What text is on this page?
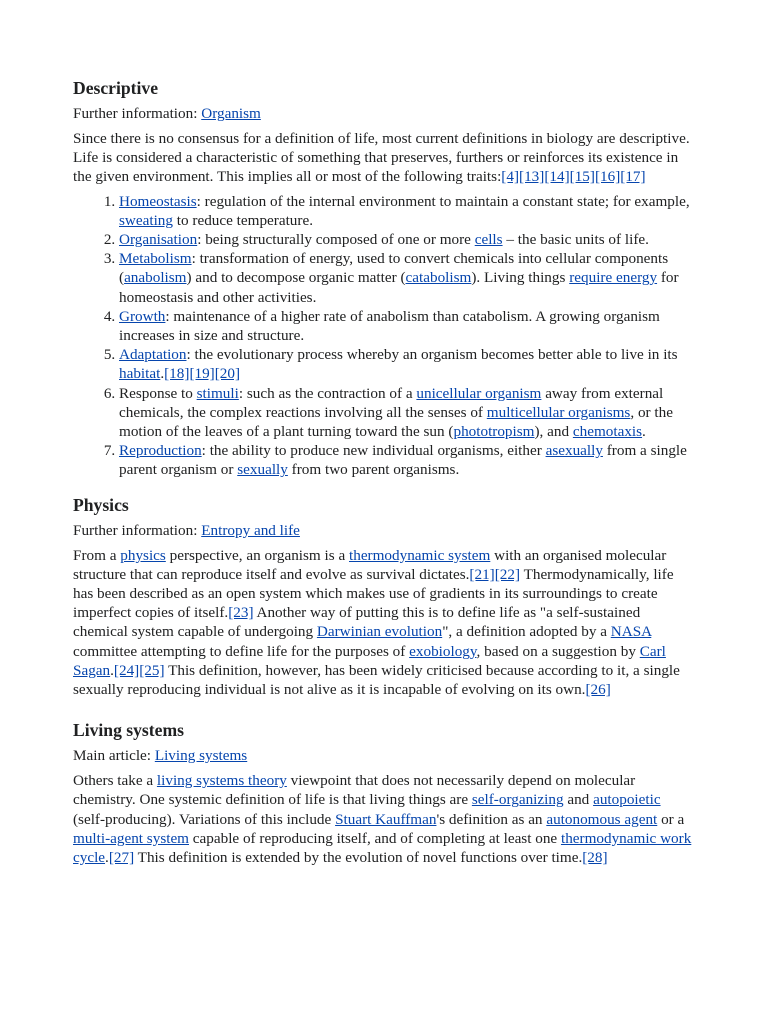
Descriptive

Further information: Organism

Since there is no consensus for a definition of life, most current definitions in biology are descriptive. Life is considered a characteristic of something that preserves, furthers or reinforces its existence in the given environment. This implies all or most of the following traits:[4][13][14][15][16][17]

1. Homeostasis: regulation of the internal environment to maintain a constant state; for example, sweating to reduce temperature.
2. Organisation: being structurally composed of one or more cells – the basic units of life.
3. Metabolism: transformation of energy, used to convert chemicals into cellular components (anabolism) and to decompose organic matter (catabolism). Living things require energy for homeostasis and other activities.
4. Growth: maintenance of a higher rate of anabolism than catabolism. A growing organism increases in size and structure.
5. Adaptation: the evolutionary process whereby an organism becomes better able to live in its habitat.[18][19][20]
6. Response to stimuli: such as the contraction of a unicellular organism away from external chemicals, the complex reactions involving all the senses of multicellular organisms, or the motion of the leaves of a plant turning toward the sun (phototropism), and chemotaxis.
7. Reproduction: the ability to produce new individual organisms, either asexually from a single parent organism or sexually from two parent organisms.
Physics

Further information: Entropy and life

From a physics perspective, an organism is a thermodynamic system with an organised molecular structure that can reproduce itself and evolve as survival dictates.[21][22] Thermodynamically, life has been described as an open system which makes use of gradients in its surroundings to create imperfect copies of itself.[23] Another way of putting this is to define life as "a self-sustained chemical system capable of undergoing Darwinian evolution", a definition adopted by a NASA committee attempting to define life for the purposes of exobiology, based on a suggestion by Carl Sagan.[24][25] This definition, however, has been widely criticised because according to it, a single sexually reproducing individual is not alive as it is incapable of evolving on its own.[26]

Living systems

Main article: Living systems

Others take a living systems theory viewpoint that does not necessarily depend on molecular chemistry. One systemic definition of life is that living things are self-organizing and autopoietic (self-producing). Variations of this include Stuart Kauffman's definition as an autonomous agent or a multi-agent system capable of reproducing itself, and of completing at least one thermodynamic work cycle.[27] This definition is extended by the evolution of novel functions over time.[28]
